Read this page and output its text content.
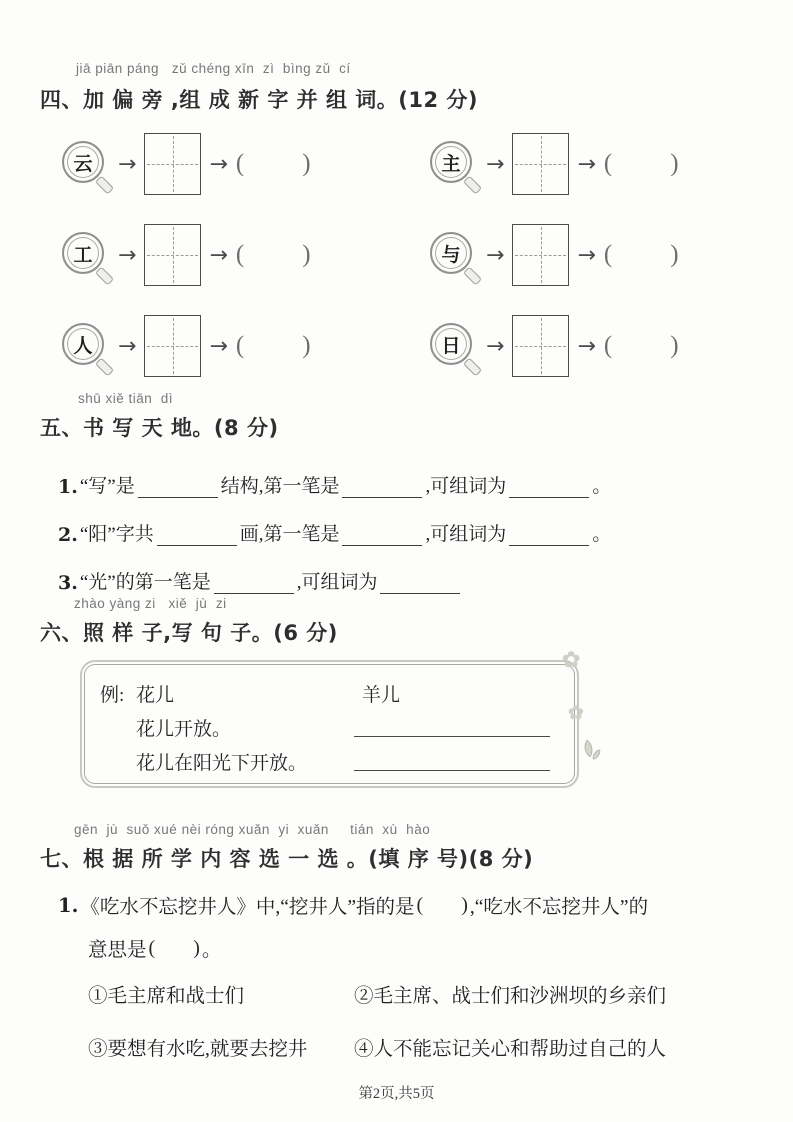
jiā piān páng   zǔ chéng xīn  zì  bìng zǔ  cí
四、加 偏 旁 ,组 成 新 字 并 组 词。(12 分)
云 →	→ ( )	主 →	→ ( )
工 →	→ ( )	与 →	→ ( )
人 →	→ ( )	日 →	→ ( )
shū xiě tiān  dì
五、书 写 天 地。(8 分)
1. “写”是	结构,第一笔是	,可组词为	。
2. “阳”字共	画,第一笔是	,可组词为	。
3. “光”的第一笔是	,可组词为
zhào yàng zi   xiě  jù  zi
六、照 样 子,写 句 子。(6 分)
例: 花儿	羊儿
花儿开放。
花儿在阳光下开放。
✿
✿
gēn  jù  suǒ xué nèi róng xuǎn  yi  xuǎn     tián  xù  hào
七、根 据 所 学 内 容 选 一 选 。(填 序 号)(8 分)
1. 《吃水不忘挖井人》中,“挖井人”指的是 ( ) ,“吃水不忘挖井人”的
意思是 ( ) 。
①毛主席和战士们	②毛主席、战士们和沙洲坝的乡亲们
③要想有水吃,就要去挖井	④人不能忘记关心和帮助过自己的人
第2页,共5页
